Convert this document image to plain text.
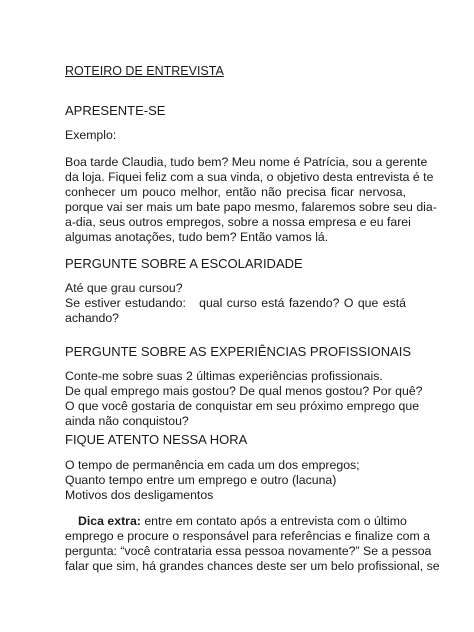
ROTEIRO DE ENTREVISTA
APRESENTE-SE
Exemplo:
Boa tarde Claudia, tudo bem? Meu nome é Patrícia, sou a gerente
da loja. Fiquei feliz com a sua vinda, o objetivo desta entrevista é te
conhecer um pouco melhor, então não precisa ficar nervosa,
porque vai ser mais um bate papo mesmo, falaremos sobre seu dia-
a-dia, seus outros empregos, sobre a nossa empresa e eu farei
algumas anotações, tudo bem? Então vamos lá.
PERGUNTE SOBRE A ESCOLARIDADE
Até que grau cursou?
Se estiver estudando:   qual curso está fazendo? O que está
achando?
PERGUNTE SOBRE AS EXPERIÊNCIAS PROFISSIONAIS
Conte-me sobre suas 2 últimas experiências profissionais.
De qual emprego mais gostou? De qual menos gostou? Por quê?
O que você gostaria de conquistar em seu próximo emprego que
ainda não conquistou?
FIQUE ATENTO NESSA HORA
O tempo de permanência em cada um dos empregos;
Quanto tempo entre um emprego e outro (lacuna)
Motivos dos desligamentos
Dica extra: entre em contato após a entrevista com o último
emprego e procure o responsável para referências e finalize com a
pergunta: “você contrataria essa pessoa novamente?” Se a pessoa
falar que sim, há grandes chances deste ser um belo profissional, se
